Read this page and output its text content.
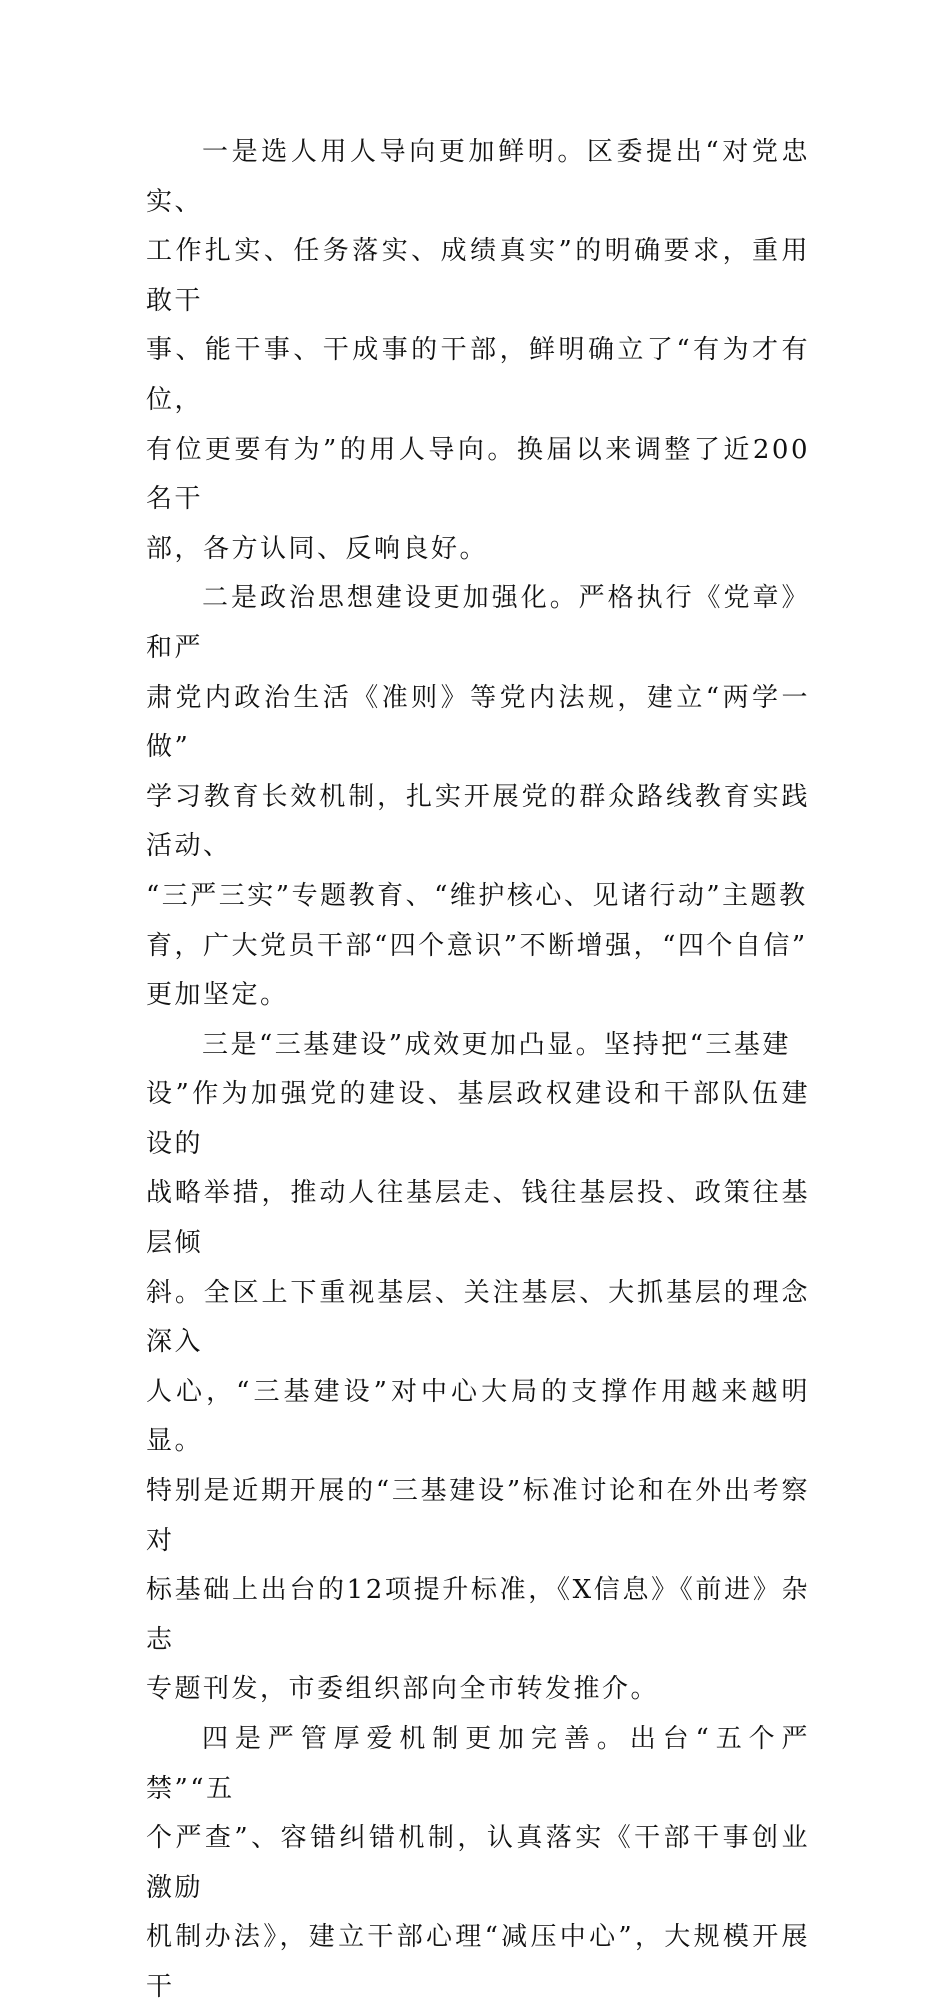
一是选人用人导向更加鲜明。区委提出“对党忠实、
工作扎实、任务落实、成绩真实”的明确要求，重用敢干
事、能干事、干成事的干部，鲜明确立了“有为才有位，
有位更要有为”的用人导向。换届以来调整了近200名干
部，各方认同、反响良好。

二是政治思想建设更加强化。严格执行《党章》和严
肃党内政治生活《准则》等党内法规，建立“两学一做”
学习教育长效机制，扎实开展党的群众路线教育实践活动、
“三严三实”专题教育、“维护核心、见诸行动”主题教
育，广大党员干部“四个意识”不断增强，“四个自信”
更加坚定。

三是“三基建设”成效更加凸显。坚持把“三基建
设”作为加强党的建设、基层政权建设和干部队伍建设的
战略举措，推动人往基层走、钱往基层投、政策往基层倾
斜。全区上下重视基层、关注基层、大抓基层的理念深入
人心，“三基建设”对中心大局的支撑作用越来越明显。
特别是近期开展的“三基建设”标准讨论和在外出考察对
标基础上出台的12项提升标准，《X信息》《前进》杂志
专题刊发，市委组织部向全市转发推介。

四是严管厚爱机制更加完善。出台“五个严禁”“五
个严查”、容错纠错机制，认真落实《干部干事创业激励
机制办法》，建立干部心理“减压中心”，大规模开展干
